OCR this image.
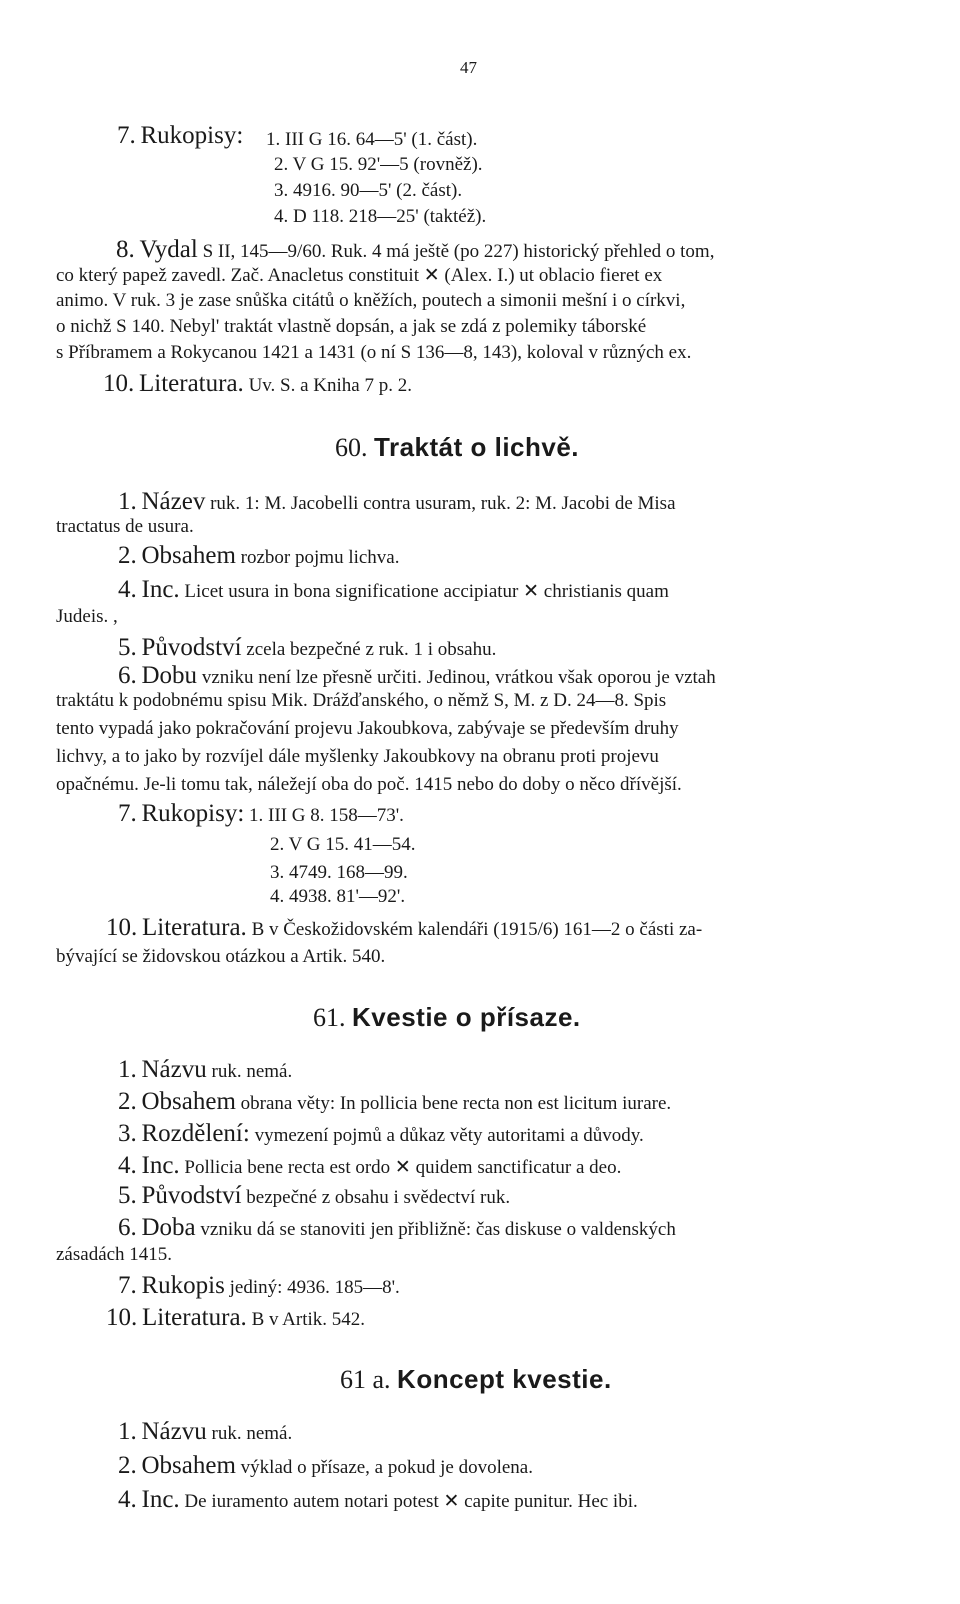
47
7. Rukopisy: 1. III G 16. 64—5' (1. část).
2. V G 15. 92'—5 (rovněž).
3. 4916. 90—5' (2. část).
4. D 118. 218—25' (taktéž).
8. Vydal S II, 145—9/60. Ruk. 4 má ještě (po 227) historický přehled o tom,
co který papež zavedl. Zač. Anacletus constituit ✕ (Alex. I.) ut oblacio fieret ex
animo. V ruk. 3 je zase snůška citátů o kněžích, poutech a simonii mešní i o církvi,
o nichž S 140. Nebyl' traktát vlastně dopsán, a jak se zdá z polemiky táborské
s Příbramem a Rokycanou 1421 a 1431 (o ní S 136—8, 143), koloval v různých ex.
10. Literatura. Uv. S. a Kniha 7 p. 2.
60. Traktát o lichvě.
1. Název ruk. 1: M. Jacobelli contra usuram, ruk. 2: M. Jacobi de Misa
tractatus de usura.
2. Obsahem rozbor pojmu lichva.
4. Inc. Licet usura in bona significatione accipiatur ✕ christianis quam
Judeis. ,
5. Původství zcela bezpečné z ruk. 1 i obsahu.
6. Dobu vzniku není lze přesně určiti. Jedinou, vrátkou však oporou je vztah
traktátu k podobnému spisu Mik. Drážďanského, o němž S, M. z D. 24—8. Spis
tento vypadá jako pokračování projevu Jakoubkova, zabývaje se především druhy
lichvy, a to jako by rozvíjel dále myšlenky Jakoubkovy na obranu proti projevu
opačnému. Je-li tomu tak, náležejí oba do poč. 1415 nebo do doby o něco dřívější.
7. Rukopisy: 1. III G 8. 158—73'.
2. V G 15. 41—54.
3. 4749. 168—99.
4. 4938. 81'—92'.
10. Literatura. B v Českožidovském kalendáři (1915/6) 161—2 o části za-
bývající se židovskou otázkou a Artik. 540.
61. Kvestie o přísaze.
1. Názvu ruk. nemá.
2. Obsahem obrana věty: In pollicia bene recta non est licitum iurare.
3. Rozdělení: vymezení pojmů a důkaz věty autoritami a důvody.
4. Inc. Pollicia bene recta est ordo ✕ quidem sanctificatur a deo.
5. Původství bezpečné z obsahu i svědectví ruk.
6. Doba vzniku dá se stanoviti jen přibližně: čas diskuse o valdenských
zásadách 1415.
7. Rukopis jediný: 4936. 185—8'.
10. Literatura. B v Artik. 542.
61 a. Koncept kvestie.
1. Názvu ruk. nemá.
2. Obsahem výklad o přísaze, a pokud je dovolena.
4. Inc. De iuramento autem notari potest ✕ capite punitur. Hec ibi.
